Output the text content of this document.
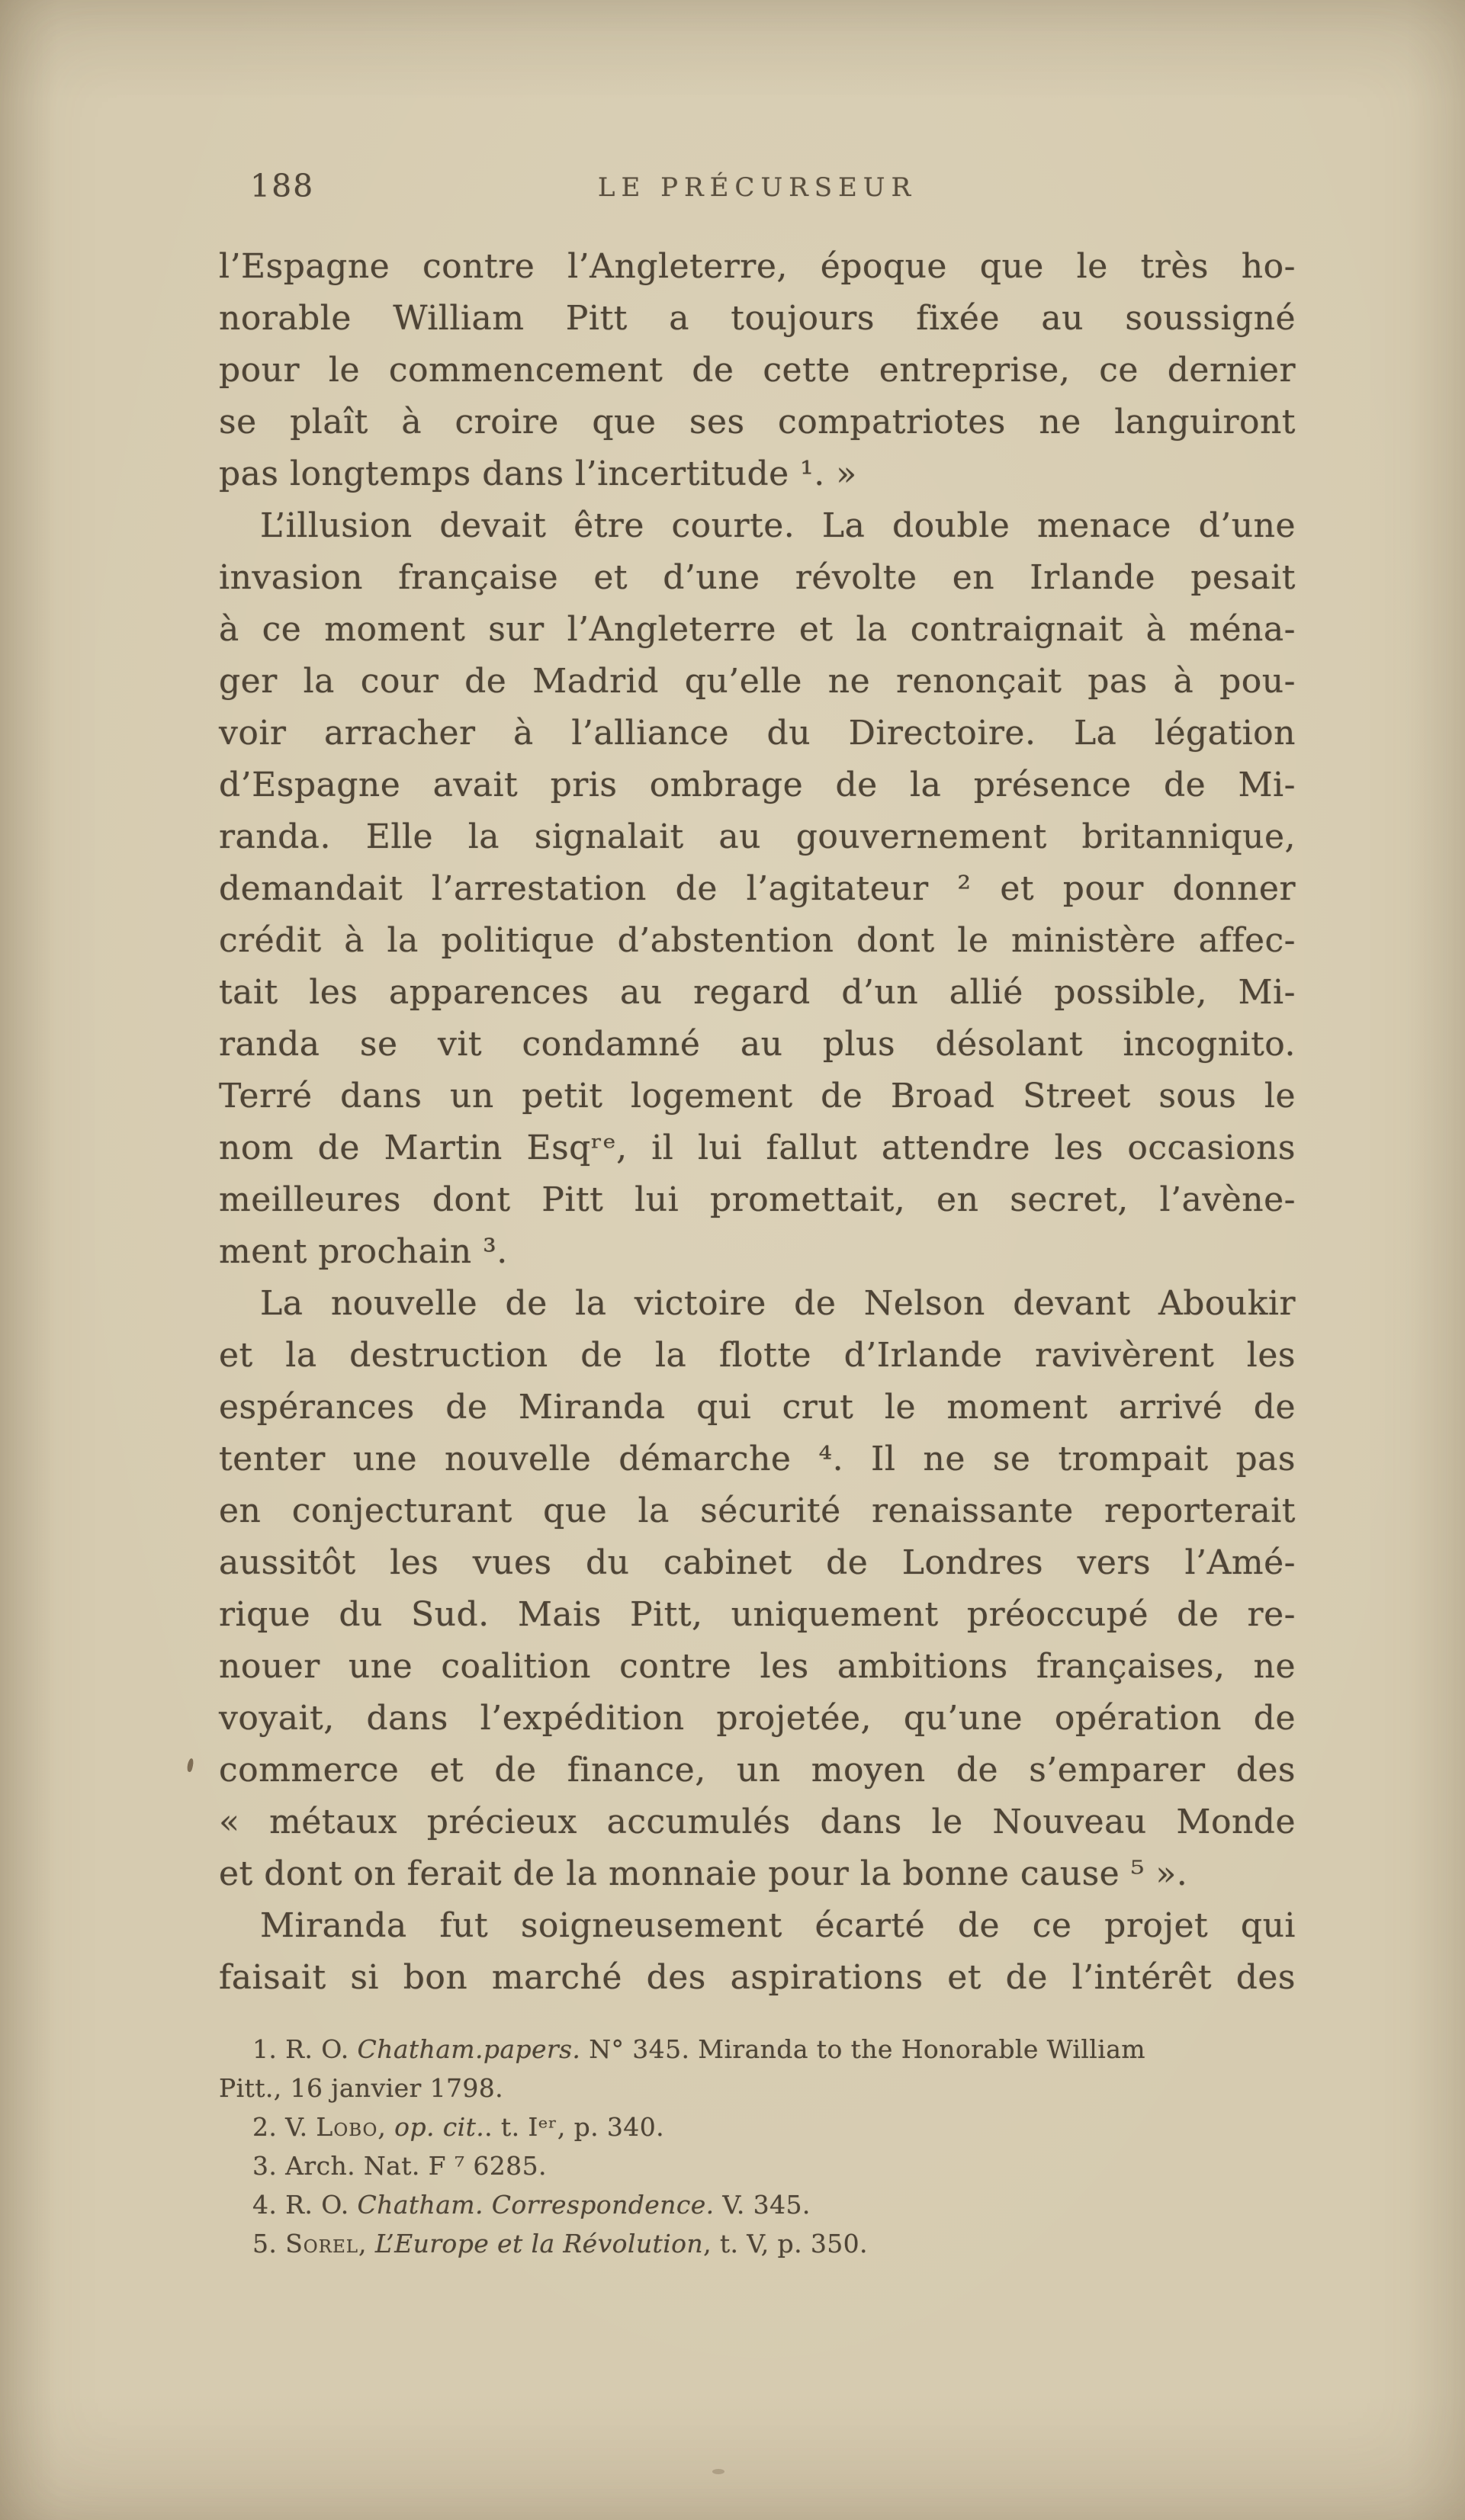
188	LE PRÉCURSEUR
l’Espagne contre l’Angleterre, époque que le très ho-
norable William Pitt a toujours fixée au soussigné
pour le commencement de cette entreprise, ce dernier
se plaît à croire que ses compatriotes ne languiront
pas longtemps dans l’incertitude ¹. »
L’illusion devait être courte. La double menace d’une
invasion française et d’une révolte en Irlande pesait
à ce moment sur l’Angleterre et la contraignait à ména-
ger la cour de Madrid qu’elle ne renonçait pas à pou-
voir arracher à l’alliance du Directoire. La légation
d’Espagne avait pris ombrage de la présence de Mi-
randa. Elle la signalait au gouvernement britannique,
demandait l’arrestation de l’agitateur ² et pour donner
crédit à la politique d’abstention dont le ministère affec-
tait les apparences au regard d’un allié possible, Mi-
randa se vit condamné au plus désolant incognito.
Terré dans un petit logement de Broad Street sous le
nom de Martin Esqʳᵉ, il lui fallut attendre les occasions
meilleures dont Pitt lui promettait, en secret, l’avène-
ment prochain ³.
La nouvelle de la victoire de Nelson devant Aboukir
et la destruction de la flotte d’Irlande ravivèrent les
espérances de Miranda qui crut le moment arrivé de
tenter une nouvelle démarche ⁴. Il ne se trompait pas
en conjecturant que la sécurité renaissante reporterait
aussitôt les vues du cabinet de Londres vers l’Amé-
rique du Sud. Mais Pitt, uniquement préoccupé de re-
nouer une coalition contre les ambitions françaises, ne
voyait, dans l’expédition projetée, qu’une opération de
commerce et de finance, un moyen de s’emparer des
« métaux précieux accumulés dans le Nouveau Monde
et dont on ferait de la monnaie pour la bonne cause ⁵ ».
Miranda fut soigneusement écarté de ce projet qui
faisait si bon marché des aspirations et de l’intérêt des
1. R. O. Chatham.papers. N° 345. Miranda to the Honorable William
Pitt., 16 janvier 1798.
2. V. Lobo, op. cit.. t. Iᵉʳ, p. 340.
3. Arch. Nat. F ⁷ 6285.
4. R. O. Chatham. Correspondence. V. 345.
5. Sorel, L’Europe et la Révolution, t. V, p. 350.
